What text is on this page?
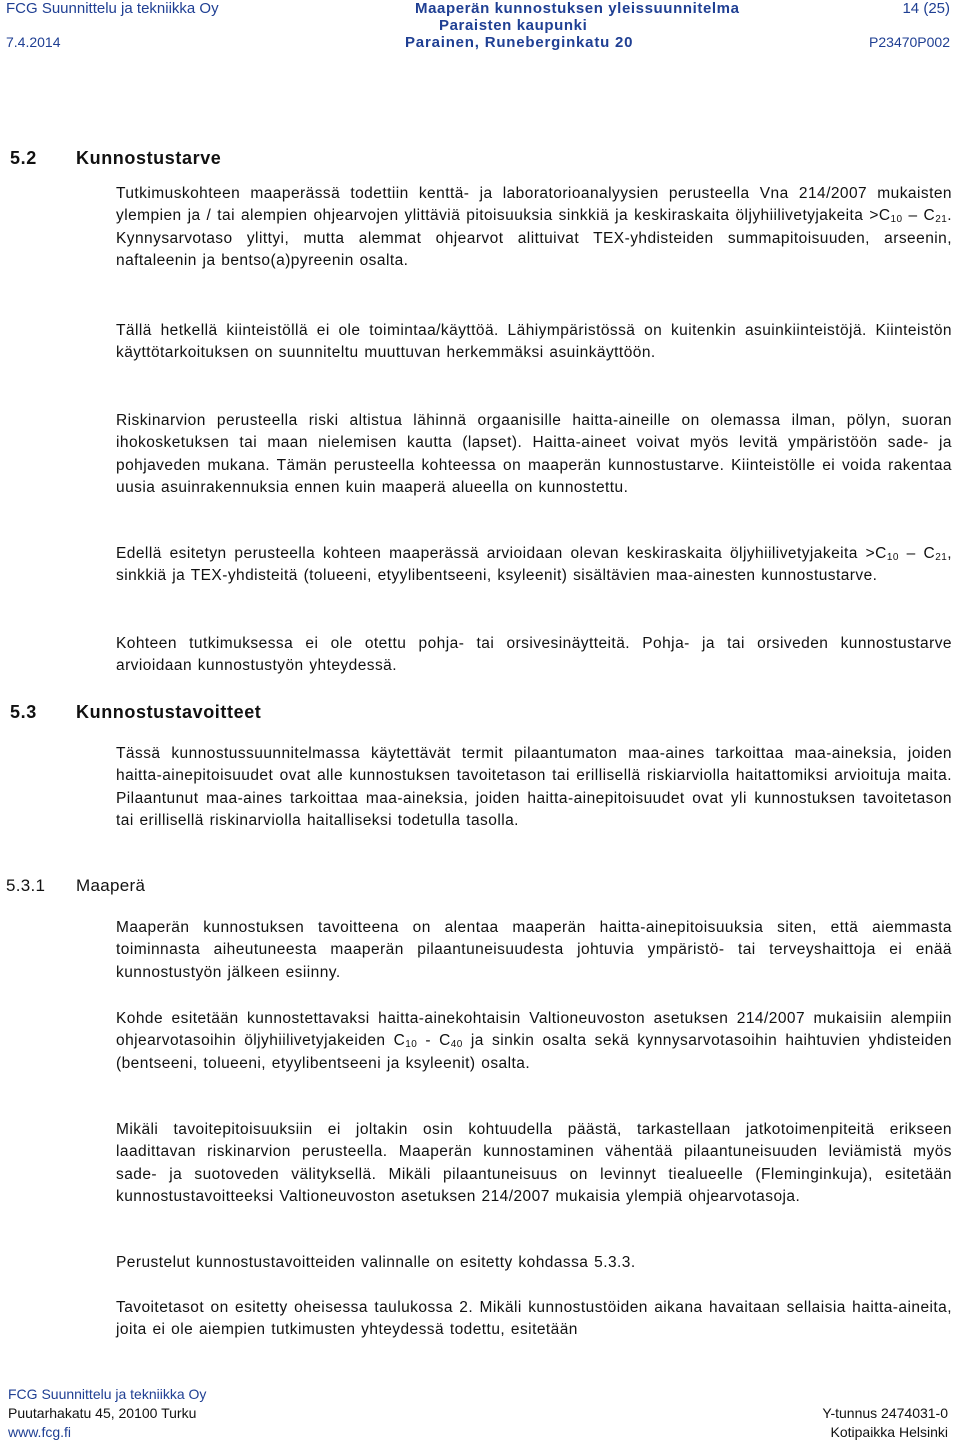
FCG Suunnittelu ja tekniikka Oy
7.4.2014
Maaperän kunnostuksen yleissuunnitelma
Paraisten kaupunki
Parainen, Runeberginkatu 20
14 (25)
P23470P002
5.2 Kunnostustarve

Tutkimuskohteen maaperässä todettiin kenttä- ja laboratorioanalyysien perusteella Vna 214/2007 mukaisten ylempien ja / tai alempien ohjearvojen ylittäviä pitoisuuksia sinkkiä ja keskiraskaita öljyhiilivetyjakeita $>C_{10} - C_{21}$. Kynnysarvotaso ylittyi, mutta alemmat ohjearvot alittuivat TEX-yhdisteiden summapitoisuuden, arseenin, naftaleenin ja bentso(a)pyreenin osalta.

Tällä hetkellä kiinteistöllä ei ole toimintaa/käyttöä. Lähiympäristössä on kuitenkin asuinkiinteistöjä. Kiinteistön käyttötarkoituksen on suunniteltu muuttuvan herkemmäksi asuinkäyttöön.

Riskinarvion perusteella riski altistua lähinnä orgaanisille haitta-aineille on olemassa ilman, pölyn, suoran ihokosketuksen tai maan nielemisen kautta (lapset). Haitta-aineet voivat myös levitä ympäristöön sade- ja pohjaveden mukana. Tämän perusteella kohteessa on maaperän kunnostustarve. Kiinteistölle ei voida rakentaa uusia asuinrakennuksia ennen kuin maaperä alueella on kunnostettu.

Edellä esitetyn perusteella kohteen maaperässä arvioidaan olevan keskiraskaita öljyhiilivetyjakeita $>C_{10} - C_{21}$, sinkkiä ja TEX-yhdisteitä (tolueeni, etyylibentseeni, ksyleenit) sisältävien maa-ainesten kunnostustarve.

Kohteen tutkimuksessa ei ole otettu pohja- tai orsivesinäytteitä. Pohja- ja tai orsiveden kunnostustarve arvioidaan kunnostustyön yhteydessä.

5.3 Kunnostustavoitteet

Tässä kunnostussuunnitelmassa käytettävät termit pilaantumaton maa-aines tarkoittaa maa-aineksia, joiden haitta-ainepitoisuudet ovat alle kunnostuksen tavoitetason tai erillisellä riskiarviolla haitattomiksi arvioituja maita. Pilaantunut maa-aines tarkoittaa maa-aineksia, joiden haitta-ainepitoisuudet ovat yli kunnostuksen tavoitetason tai erillisellä riskinarviolla haitalliseksi todetulla tasolla.

5.3.1 Maaperä

Maaperän kunnostuksen tavoitteena on alentaa maaperän haitta-ainepitoisuuksia siten, että aiemmasta toiminnasta aiheutuneesta maaperän pilaantuneisuudesta johtuvia ympäristö- tai terveyshaittoja ei enää kunnostustyön jälkeen esiinny.

Kohde esitetään kunnostettavaksi haitta-ainekohtaisin Valtioneuvoston asetuksen 214/2007 mukaisiin alempiin ohjearvotasoihin öljyhiilivetyjakeiden $C_{10} - C_{40}$ ja sinkin osalta sekä kynnysarvotasoihin haihtuvien yhdisteiden (bentseeni, tolueeni, etyylibentseeni ja ksyleenit) osalta.

Mikäli tavoitepitoisuuksiin ei joltakin osin kohtuudella päästä, tarkastellaan jatkotoimenpiteitä erikseen laadittavan riskinarvion perusteella. Maaperän kunnostaminen vähentää pilaantuneisuuden leviämistä myös sade- ja suotoveden välityksellä. Mikäli pilaantuneisuus on levinnyt tiealueelle (Fleminginkuja), esitetään kunnostustavoitteeksi Valtioneuvoston asetuksen 214/2007 mukaisia ylempiä ohjearvotasoja.

Perustelut kunnostustavoitteiden valinnalle on esitetty kohdassa 5.3.3.

Tavoitetasot on esitetty oheisessa taulukossa 2. Mikäli kunnostustöiden aikana havaitaan sellaisia haitta-aineita, joita ei ole aiempien tutkimusten yhteydessä todettu, esitetään

FCG Suunnittelu ja tekniikka Oy
Puutarhakatu 45, 20100 Turku
www.fcg.fi
Y-tunnus 2474031-0
Kotipaikka Helsinki
